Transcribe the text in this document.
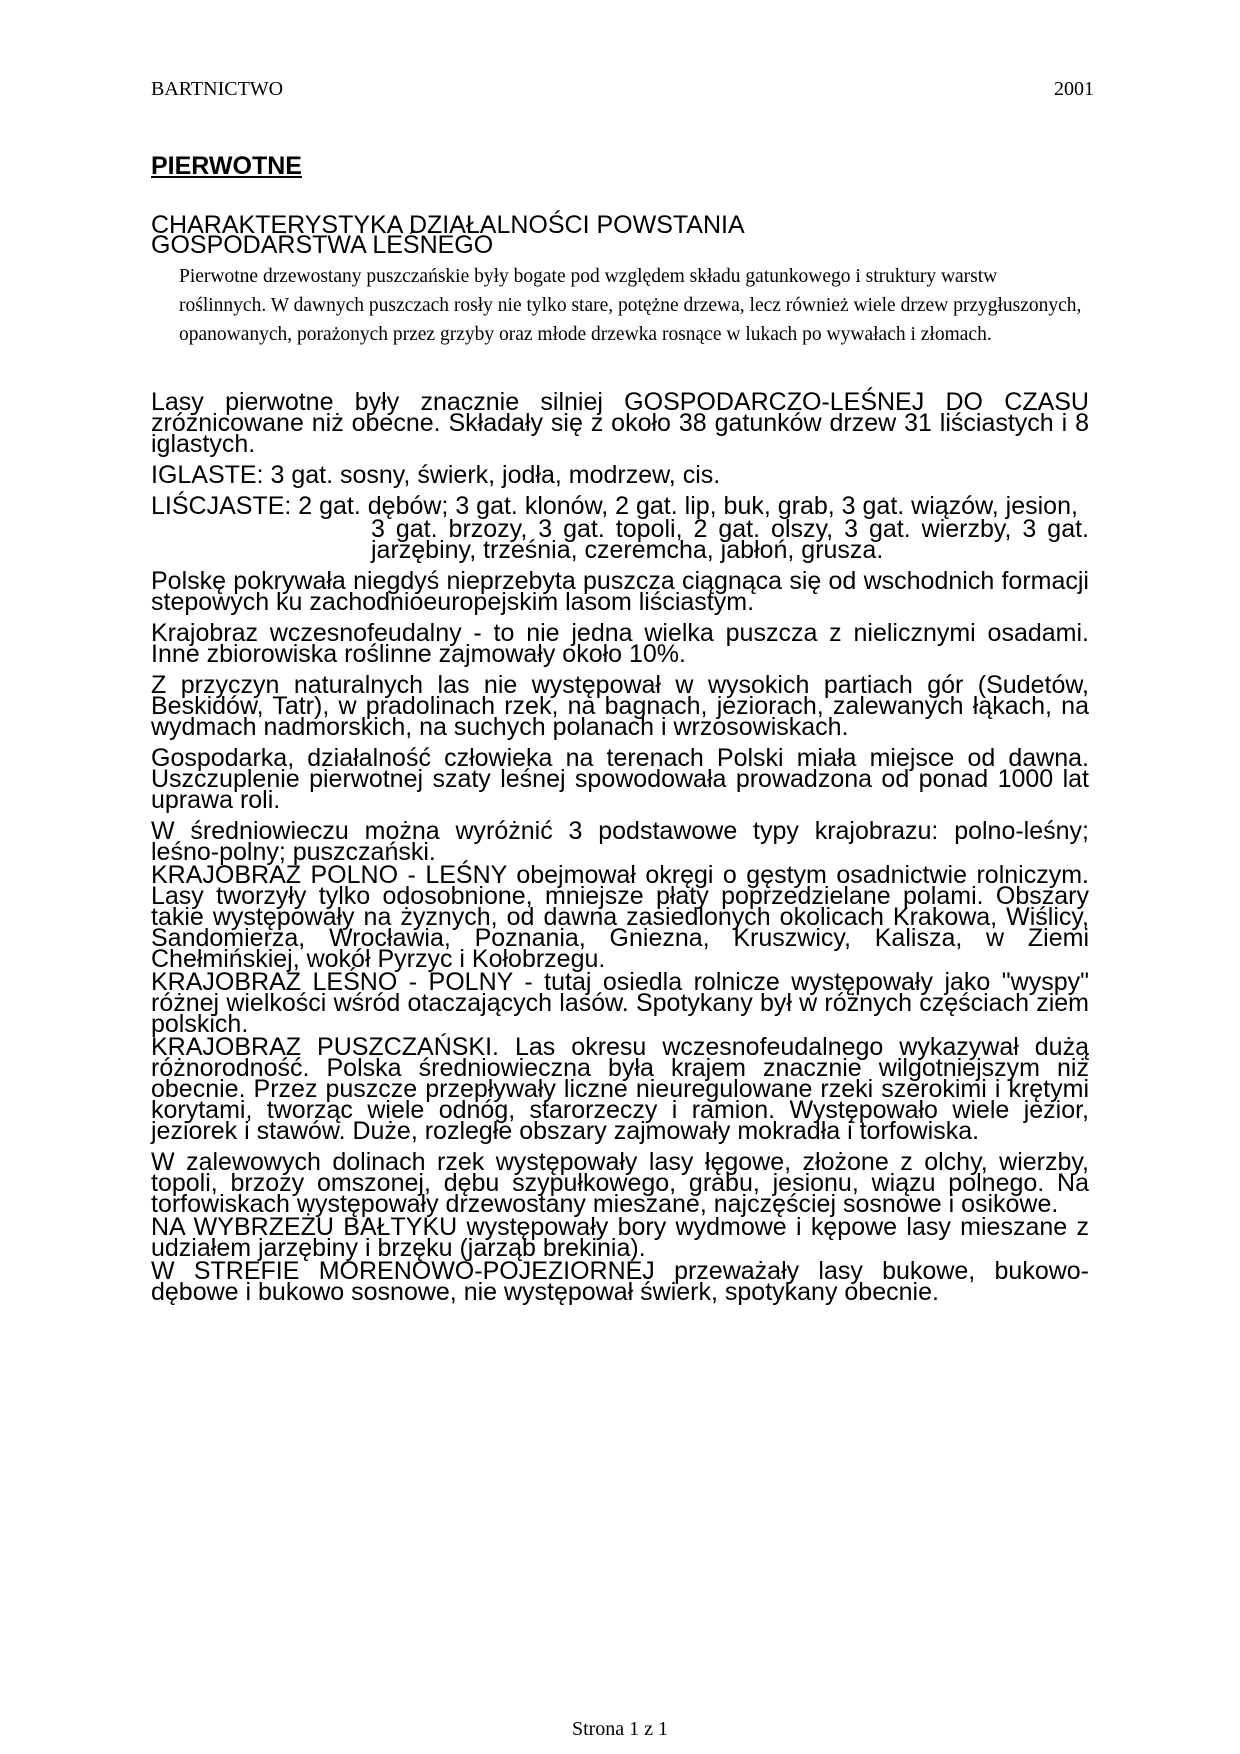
BARTNICTWO	2001
PIERWOTNE
CHARAKTERYSTYKA DZIAŁALNOŚCI POWSTANIA GOSPODARSTWA LEŚNEGO

Pierwotne drzewostany puszczańskie były bogate pod względem składu gatunkowego i struktury warstw roślinnych. W dawnych puszczach rosły nie tylko stare, potężne drzewa, lecz również wiele drzew przygłuszonych, opanowanych, porażonych przez grzyby oraz młode drzewka rosnące w lukach po wywałach i złomach.

Lasy pierwotne były znacznie silniej GOSPODARCZO-LEŚNEJ DO CZASU zróżnicowane niż obecne. Składały się z około 38 gatunków drzew 31 liściastych i 8 iglastych.

IGLASTE: 3 gat. sosny, świerk, jodła, modrzew, cis.

LIŚCJASTE: 2 gat. dębów; 3 gat. klonów, 2 gat. lip, buk, grab, 3 gat. wiązów, jesion,

3 gat. brzozy, 3 gat. topoli, 2 gat. olszy, 3 gat. wierzby, 3 gat. jarzębiny, trześnia, czeremcha, jabłoń, grusza.

Polskę pokrywała niegdyś nieprzebyta puszcza ciągnąca się od wschodnich formacji stepowych ku zachodnioeuropejskim lasom liściastym.

Krajobraz wczesnofeudalny - to nie jedna wielka puszcza z nielicznymi osadami. Inne zbiorowiska roślinne zajmowały około 10%.

Z przyczyn naturalnych las nie występował w wysokich partiach gór (Sudetów, Beskidów, Tatr), w pradolinach rzek, na bagnach, jeziorach, zalewanych łąkach, na wydmach nadmorskich, na suchych polanach i wrzosowiskach.

Gospodarka, działalność człowieka na terenach Polski miała miejsce od dawna. Uszczuplenie pierwotnej szaty leśnej spowodowała prowadzona od ponad 1000 lat uprawa roli.

W średniowieczu można wyróżnić 3 podstawowe typy krajobrazu: polno-leśny; leśno-polny; puszczański.

KRAJOBRAZ POLNO - LEŚNY obejmował okręgi o gęstym osadnictwie rolniczym. Lasy tworzyły tylko odosobnione, mniejsze płaty poprzedzielane polami. Obszary takie występowały na żyznych, od dawna zasiedlonych okolicach Krakowa, Wiślicy, Sandomierza, Wrocławia, Poznania, Gniezna, Kruszwicy, Kalisza, w Ziemi Chełmińskiej, wokół Pyrzyc i Kołobrzegu.

KRAJOBRAZ LEŚNO - POLNY - tutaj osiedla rolnicze występowały jako "wyspy" różnej wielkości wśród otaczających lasów. Spotykany był w różnych częściach ziem polskich.

KRAJOBRAZ PUSZCZAŃSKI. Las okresu wczesnofeudalnego wykazywał dużą różnorodność. Polska średniowieczna była krajem znacznie wilgotniejszym niż obecnie. Przez puszcze przepływały liczne nieuregulowane rzeki szerokimi i krętymi korytami, tworząc wiele odnóg, starorzeczy i ramion. Występowało wiele jezior, jeziorek i stawów. Duże, rozległe obszary zajmowały mokradła i torfowiska.

W zalewowych dolinach rzek występowały lasy łęgowe, złożone z olchy, wierzby, topoli, brzozy omszonej, dębu szypułkowego, grabu, jesionu, wiązu polnego. Na torfowiskach występowały drzewostany mieszane, najczęściej sosnowe i osikowe.

NA WYBRZEŻU BAŁTYKU występowały bory wydmowe i kępowe lasy mieszane z udziałem jarzębiny i brzęku (jarząb brekinia).

W STREFIE MORENOWO-POJEZIORNEJ przeważały lasy bukowe, bukowo-dębowe i bukowo sosnowe, nie występował świerk, spotykany obecnie.

Strona 1 z 1
